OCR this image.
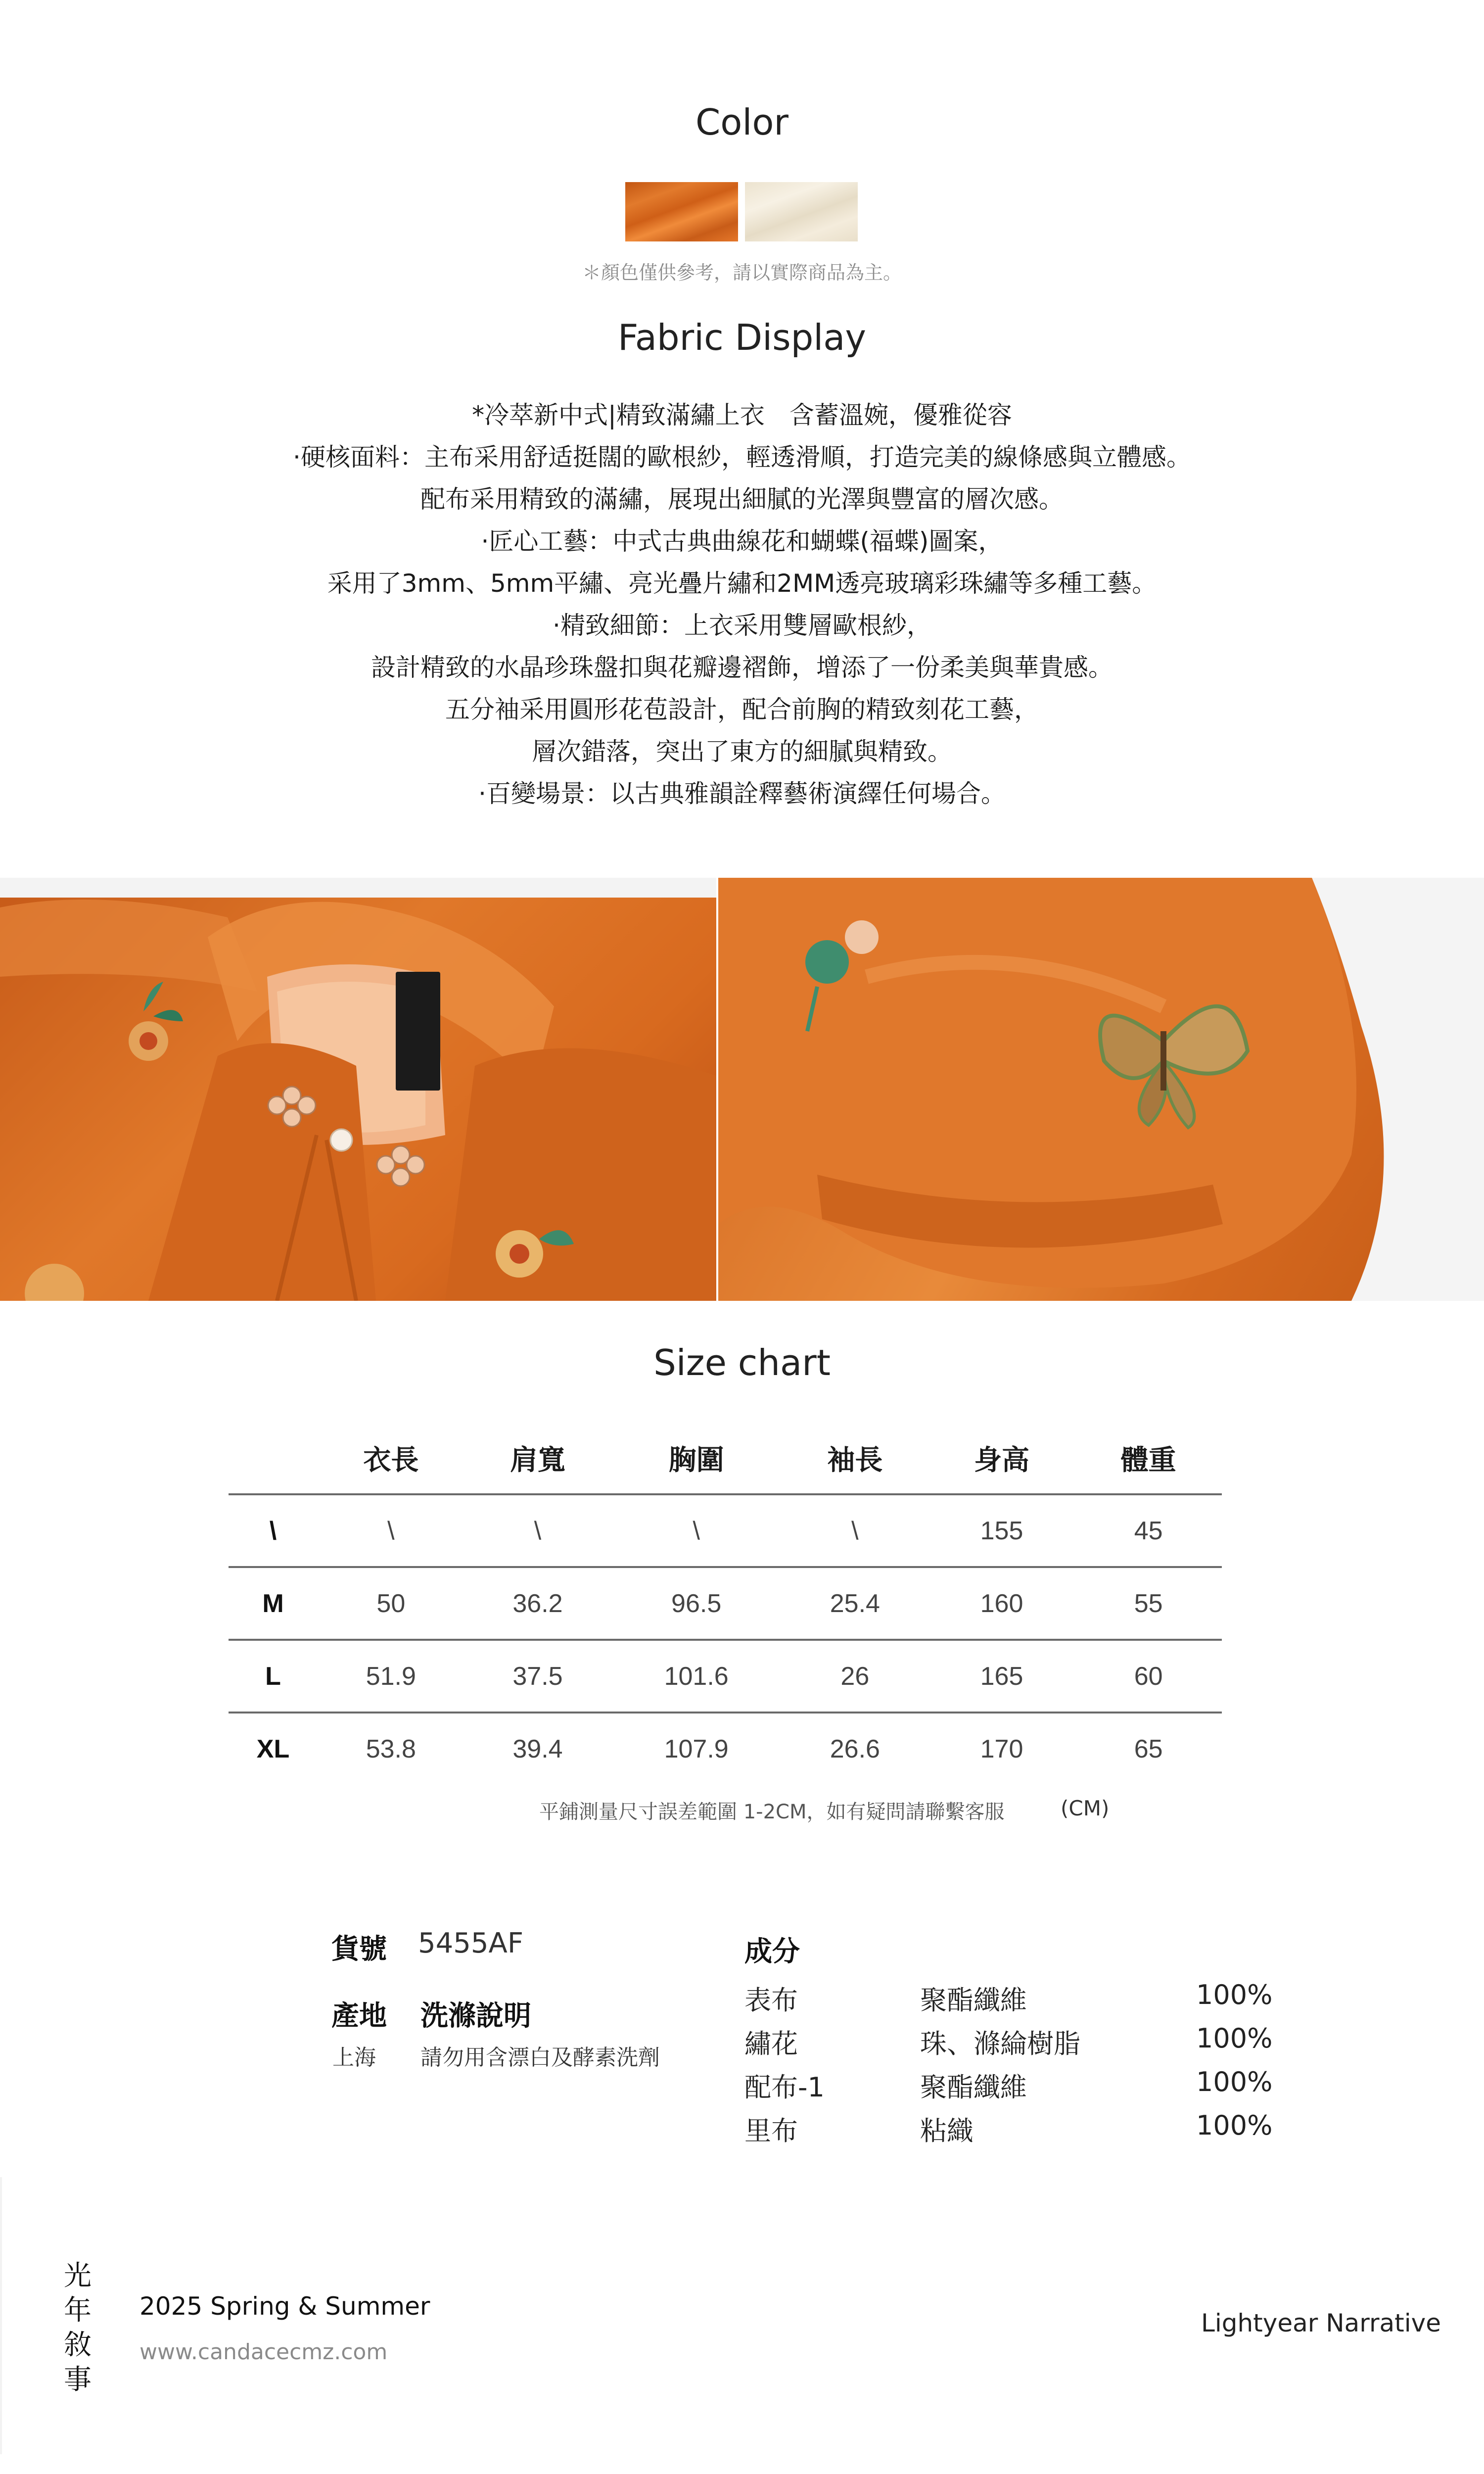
Color
＊顏色僅供參考，請以實際商品為主。
Fabric Display
*冷萃新中式|精致滿繡上衣　含蓄溫婉，優雅從容
·硬核面料：主布采用舒适挺闊的歐根紗，輕透滑順，打造完美的線條感與立體感。
配布采用精致的滿繡，展現出細膩的光澤與豐富的層次感。
·匠心工藝：中式古典曲線花和蝴蝶(福蝶)圖案，
采用了3mm、5mm平繡、亮光疊片繡和2MM透亮玻璃彩珠繡等多種工藝。
·精致細節：上衣采用雙層歐根紗，
設計精致的水晶珍珠盤扣與花瓣邊褶飾，增添了一份柔美與華貴感。
五分袖采用圓形花苞設計，配合前胸的精致刻花工藝，
層次錯落，突出了東方的細膩與精致。
·百變場景：以古典雅韻詮釋藝術演繹任何場合。
Size chart
	衣長	肩寬	胸圍	袖長	身高	體重
\	\	\	\	\	155	45
M	50	36.2	96.5	25.4	160	55
L	51.9	37.5	101.6	26	165	60
XL	53.8	39.4	107.9	26.6	170	65
平鋪測量尺寸誤差範圍 1-2CM，如有疑問請聯繫客服	(CM)
貨號 5455AF
產地 洗滌說明
上海 請勿用含漂白及酵素洗劑
成分
表布	聚酯纖維	100%
繡花	珠、滌綸樹脂	100%
配布-1	聚酯纖維	100%
里布	粘織	100%
光
年
敘
事
2025 Spring & Summer
www.candacecmz.com
Lightyear Narrative
